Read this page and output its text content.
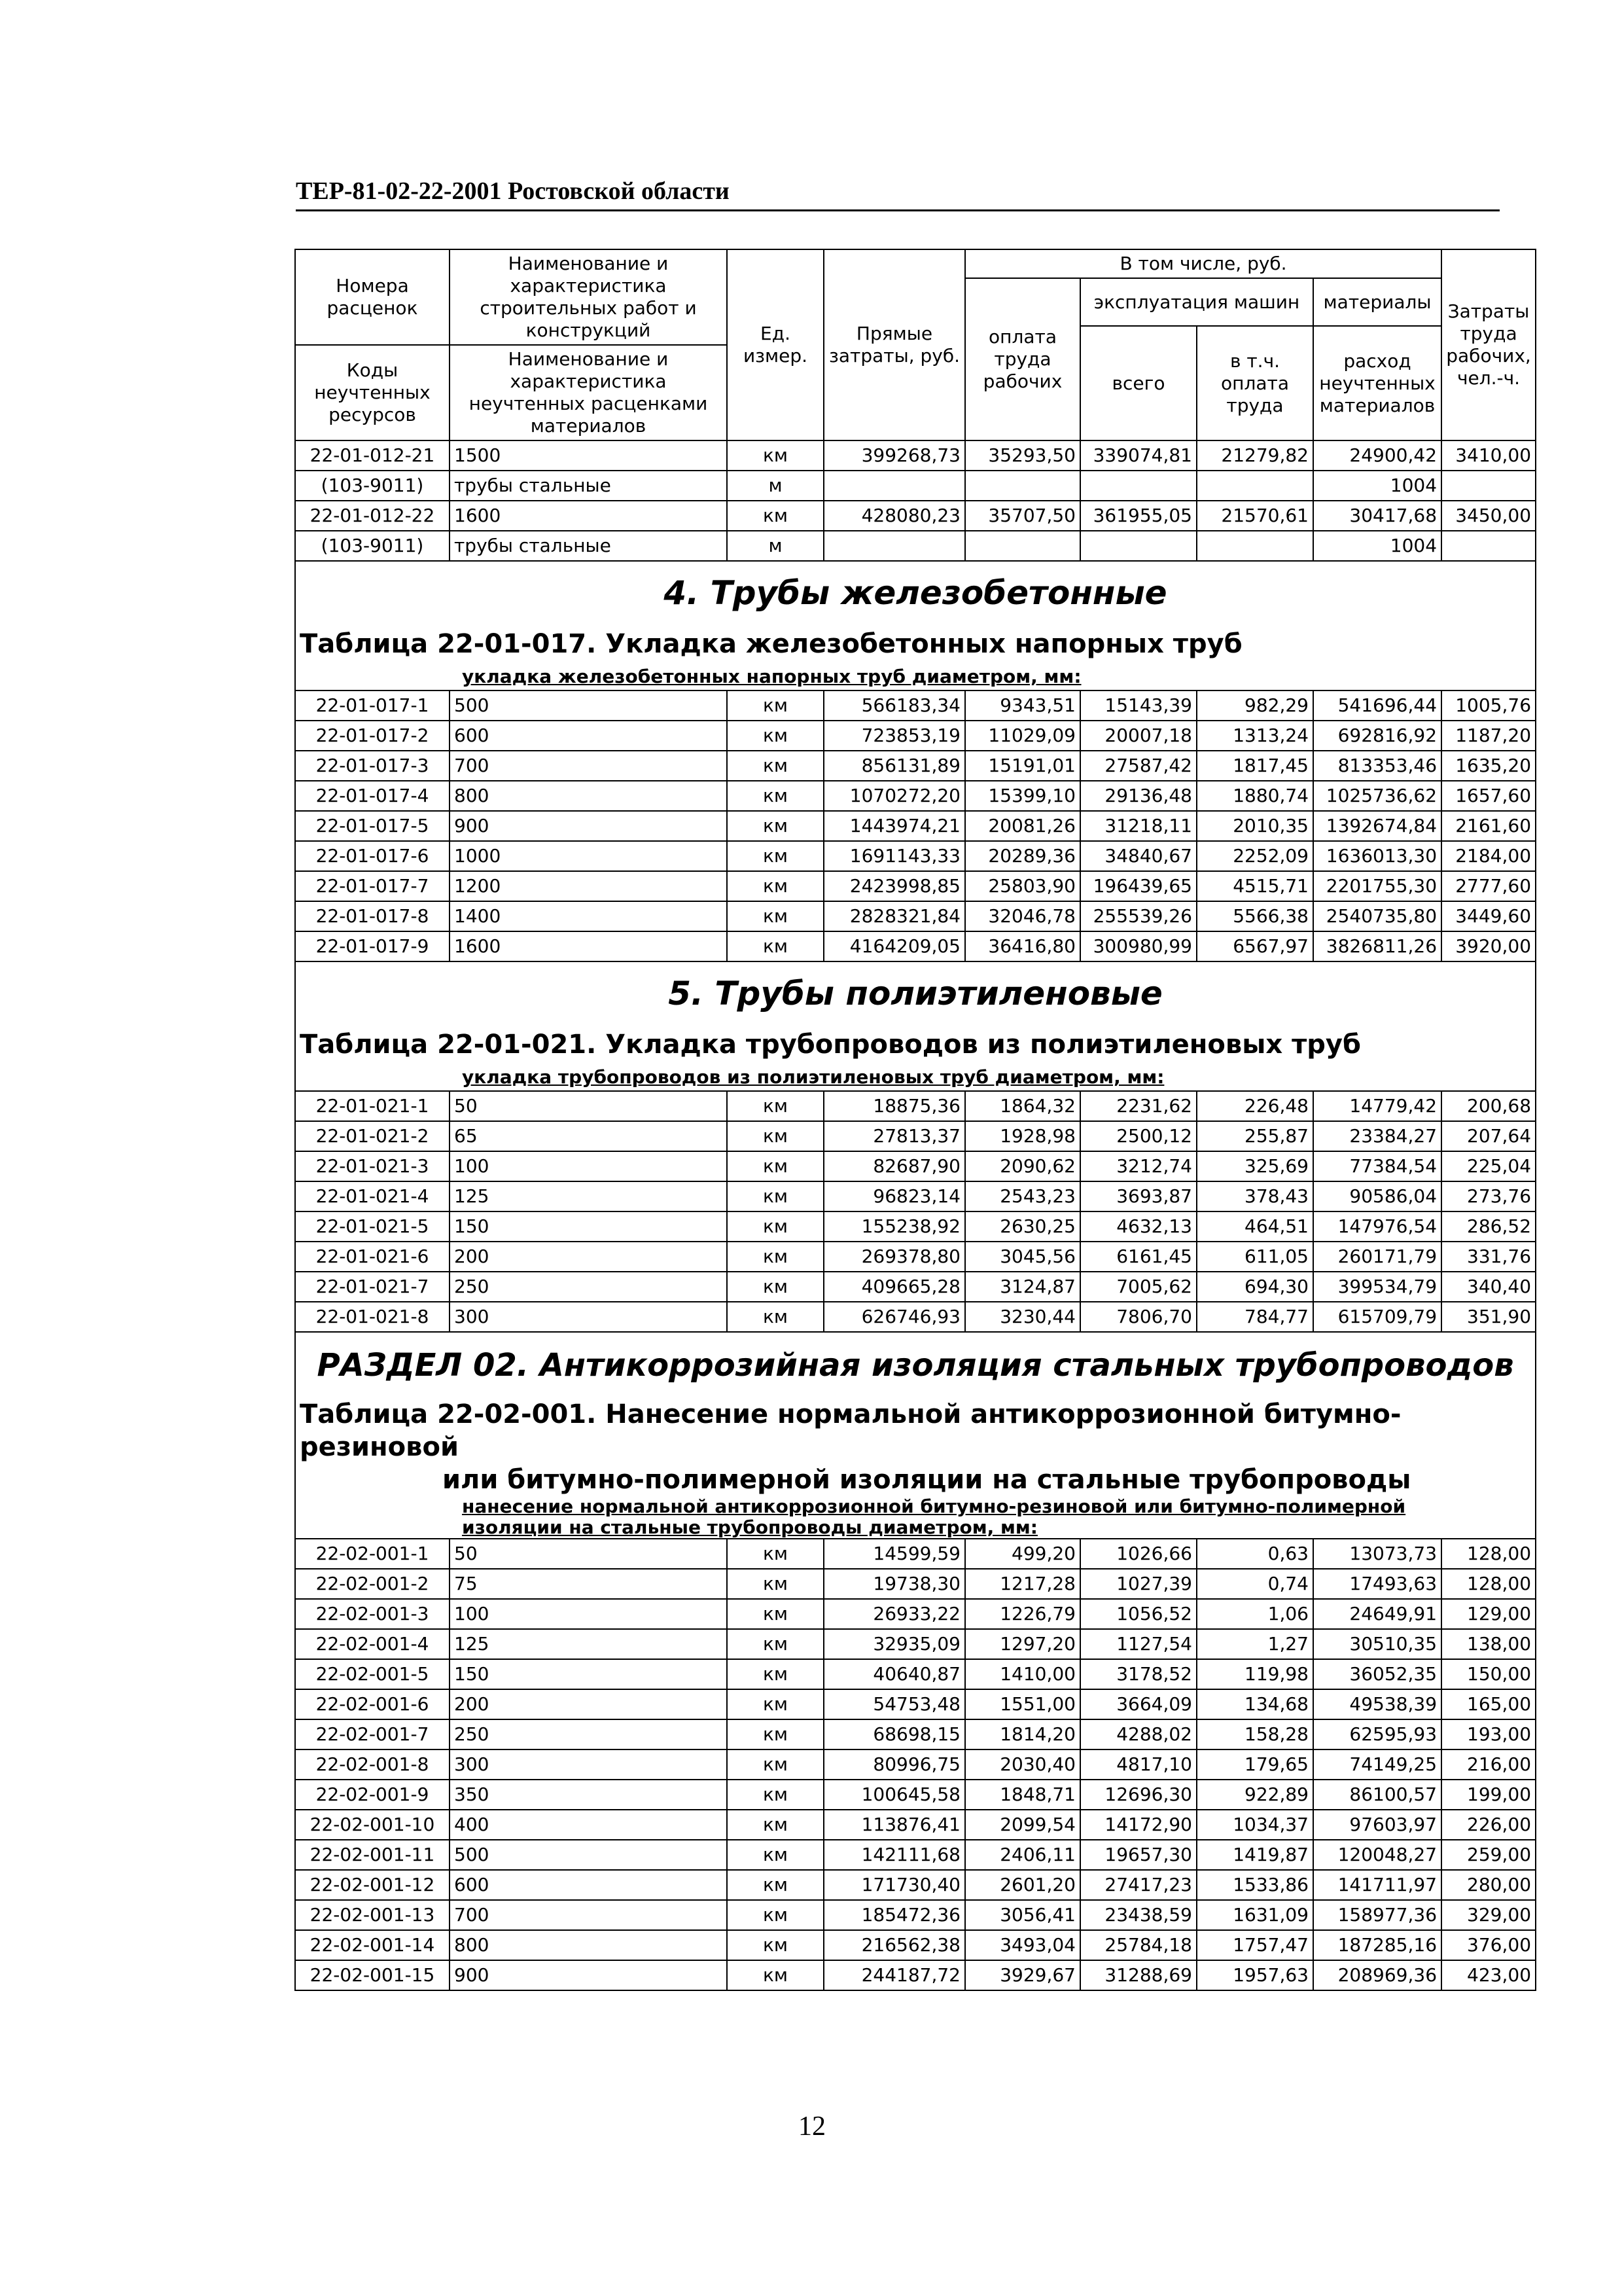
ТЕР-81-02-22-2001 Ростовской области
Номера расценок	Наименование и характеристика строительных работ и конструкций	Ед. измер.	Прямые затраты, руб.	В том числе, руб.				Затраты труда рабочих, чел.-ч.
				оплата труда рабочих	эксплуатация машин		материалы	
					всего	в т.ч. оплата труда	расход неучтенных материалов	
Коды неучтенных ресурсов	Наименование и характеристика неучтенных расценками материалов							

22-01-012-21	1500	км	399268,73	35293,50	339074,81	21279,82	24900,42	3410,00
(103-9011)	трубы стальные	м					1004	
22-01-012-22	1600	км	428080,23	35707,50	361955,05	21570,61	30417,68	3450,00
(103-9011)	трубы стальные	м					1004	
4. Трубы железобетонные								
Таблица 22-01-017. Укладка железобетонных напорных труб								

укладка железобетонных напорных труб диаметром, мм:								

22-01-017-1	500	км	566183,34	9343,51	15143,39	982,29	541696,44	1005,76
22-01-017-2	600	км	723853,19	11029,09	20007,18	1313,24	692816,92	1187,20
22-01-017-3	700	км	856131,89	15191,01	27587,42	1817,45	813353,46	1635,20
22-01-017-4	800	км	1070272,20	15399,10	29136,48	1880,74	1025736,62	1657,60
22-01-017-5	900	км	1443974,21	20081,26	31218,11	2010,35	1392674,84	2161,60
22-01-017-6	1000	км	1691143,33	20289,36	34840,67	2252,09	1636013,30	2184,00
22-01-017-7	1200	км	2423998,85	25803,90	196439,65	4515,71	2201755,30	2777,60
22-01-017-8	1400	км	2828321,84	32046,78	255539,26	5566,38	2540735,80	3449,60
22-01-017-9	1600	км	4164209,05	36416,80	300980,99	6567,97	3826811,26	3920,00
5. Трубы полиэтиленовые								
Таблица 22-01-021. Укладка трубопроводов из полиэтиленовых труб								

укладка трубопроводов из полиэтиленовых труб диаметром, мм:								

22-01-021-1	50	км	18875,36	1864,32	2231,62	226,48	14779,42	200,68
22-01-021-2	65	км	27813,37	1928,98	2500,12	255,87	23384,27	207,64
22-01-021-3	100	км	82687,90	2090,62	3212,74	325,69	77384,54	225,04
22-01-021-4	125	км	96823,14	2543,23	3693,87	378,43	90586,04	273,76
22-01-021-5	150	км	155238,92	2630,25	4632,13	464,51	147976,54	286,52
22-01-021-6	200	км	269378,80	3045,56	6161,45	611,05	260171,79	331,76
22-01-021-7	250	км	409665,28	3124,87	7005,62	694,30	399534,79	340,40
22-01-021-8	300	км	626746,93	3230,44	7806,70	784,77	615709,79	351,90
РАЗДЕЛ 02. Антикоррозийная изоляция стальных трубопроводов								
Таблица 22-02-001. Нанесение нормальной антикоррозионной битумно-резиновой
или битумно-полимерной изоляции на стальные трубопроводы								

нанесение нормальной антикоррозионной битумно-резиновой или битумно-полимерной
изоляции на стальные трубопроводы диаметром, мм:								

22-02-001-1	50	км	14599,59	499,20	1026,66	0,63	13073,73	128,00
22-02-001-2	75	км	19738,30	1217,28	1027,39	0,74	17493,63	128,00
22-02-001-3	100	км	26933,22	1226,79	1056,52	1,06	24649,91	129,00
22-02-001-4	125	км	32935,09	1297,20	1127,54	1,27	30510,35	138,00
22-02-001-5	150	км	40640,87	1410,00	3178,52	119,98	36052,35	150,00
22-02-001-6	200	км	54753,48	1551,00	3664,09	134,68	49538,39	165,00
22-02-001-7	250	км	68698,15	1814,20	4288,02	158,28	62595,93	193,00
22-02-001-8	300	км	80996,75	2030,40	4817,10	179,65	74149,25	216,00
22-02-001-9	350	км	100645,58	1848,71	12696,30	922,89	86100,57	199,00
22-02-001-10	400	км	113876,41	2099,54	14172,90	1034,37	97603,97	226,00
22-02-001-11	500	км	142111,68	2406,11	19657,30	1419,87	120048,27	259,00
22-02-001-12	600	км	171730,40	2601,20	27417,23	1533,86	141711,97	280,00
22-02-001-13	700	км	185472,36	3056,41	23438,59	1631,09	158977,36	329,00
22-02-001-14	800	км	216562,38	3493,04	25784,18	1757,47	187285,16	376,00
22-02-001-15	900	км	244187,72	3929,67	31288,69	1957,63	208969,36	423,00
12
